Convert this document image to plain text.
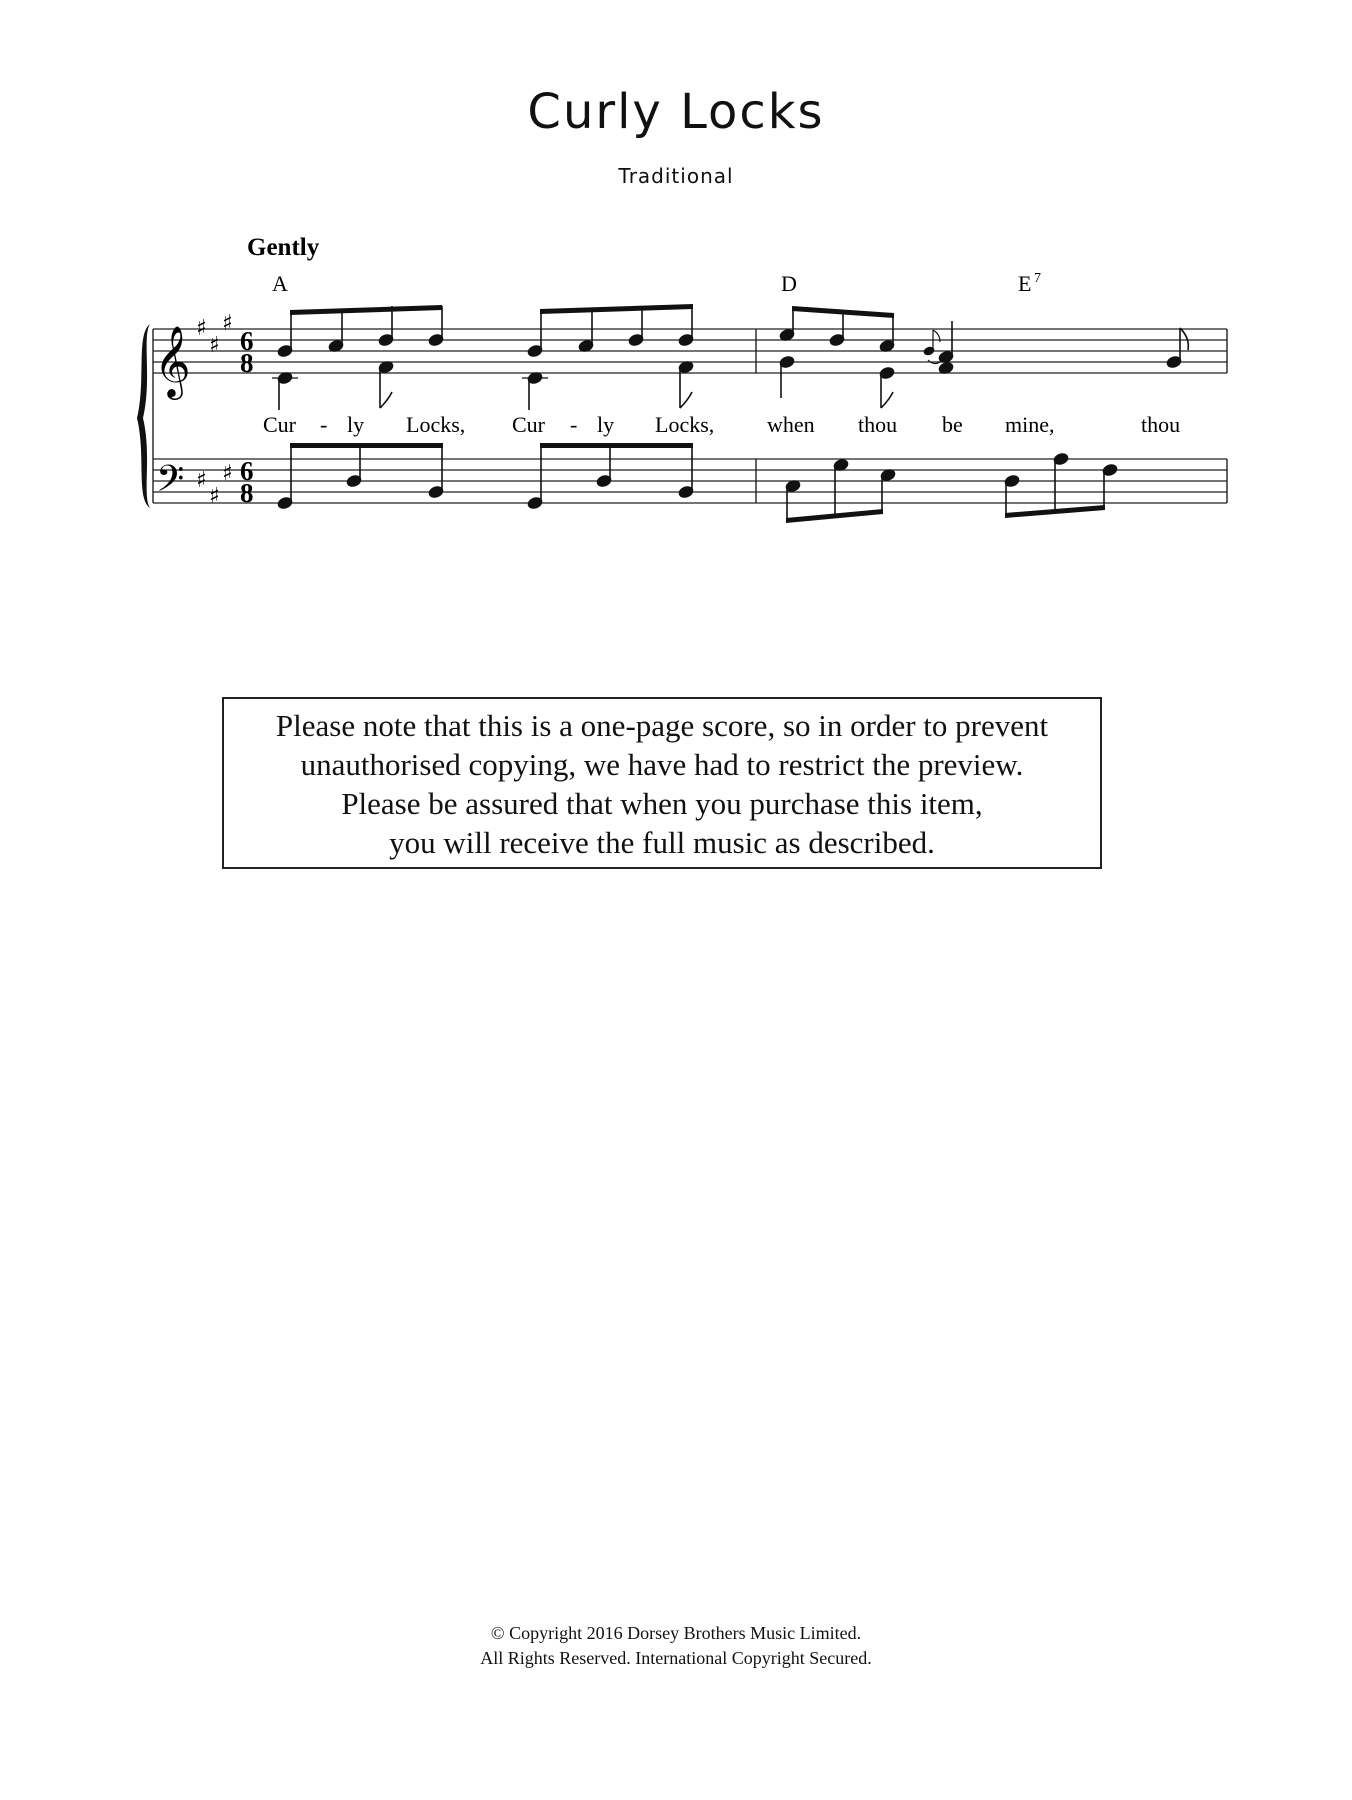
Curly Locks
Traditional
Gently
A	D	E 7
𝄞
𝄢
♯
♯
♯
♯
♯
♯
6
8
6
8
Cur - ly Locks, Cur - ly Locks, when thou be mine,	thou
Please note that this is a one-page score, so in order to prevent
unauthorised copying, we have had to restrict the preview.
Please be assured that when you purchase this item,
you will receive the full music as described.
© Copyright 2016 Dorsey Brothers Music Limited.
All Rights Reserved. International Copyright Secured.
